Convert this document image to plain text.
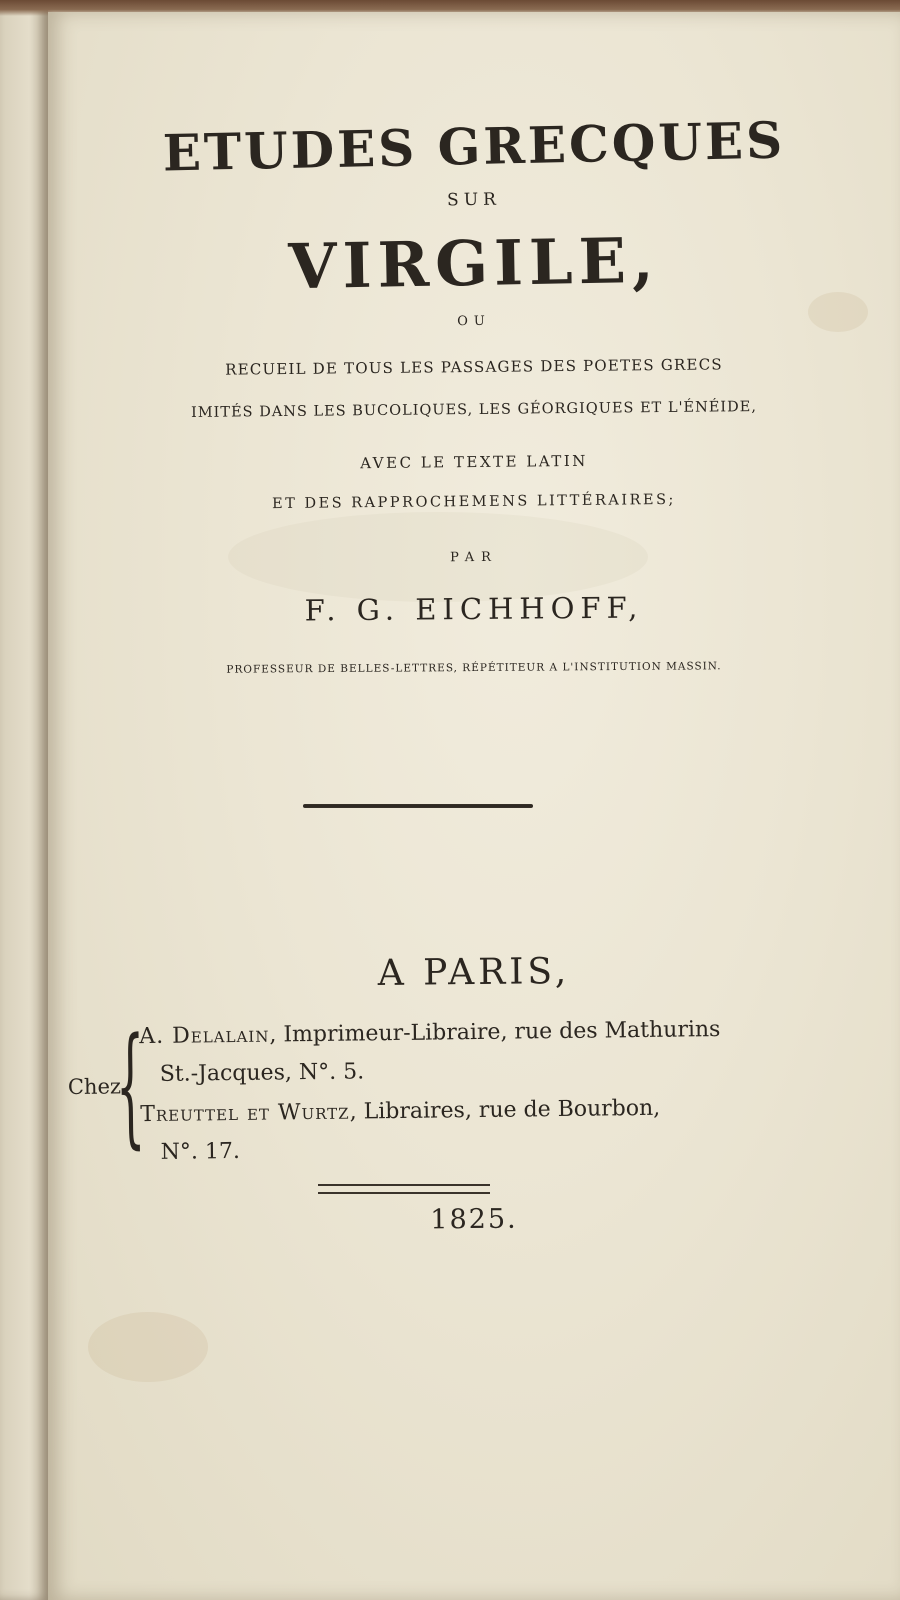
ETUDES GRECQUES
SUR
VIRGILE,
OU
RECUEIL DE TOUS LES PASSAGES DES POETES GRECS
IMITÉS DANS LES BUCOLIQUES, LES GÉORGIQUES ET L'ÉNÉIDE,
AVEC LE TEXTE LATIN
ET DES RAPPROCHEMENS LITTÉRAIRES;
PAR
F. G. EICHHOFF,
PROFESSEUR DE BELLES-LETTRES, RÉPÉTITEUR A L'INSTITUTION MASSIN.
A PARIS,
Chez
{
A. Delalain, Imprimeur-Libraire, rue des Mathurins
St.-Jacques, N°. 5.
Treuttel et Wurtz, Libraires, rue de Bourbon,
N°. 17.
1825.
